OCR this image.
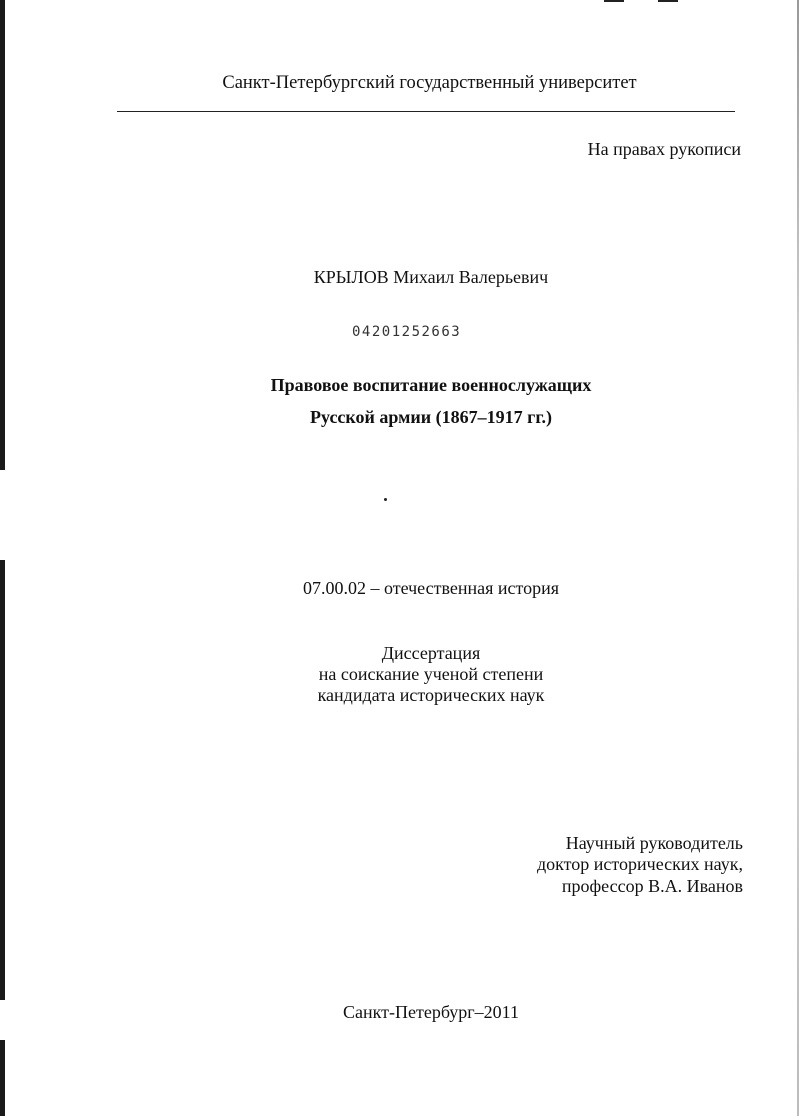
Санкт-Петербургский государственный университет
На правах рукописи
КРЫЛОВ Михаил Валерьевич
04201252663
Правовое воспитание военнослужащих
Русской армии (1867–1917 гг.)
07.00.02 – отечественная история
Диссертация
на соискание ученой степени
кандидата исторических наук
Научный руководитель
доктор исторических наук,
профессор В.А. Иванов
Санкт-Петербург–2011
